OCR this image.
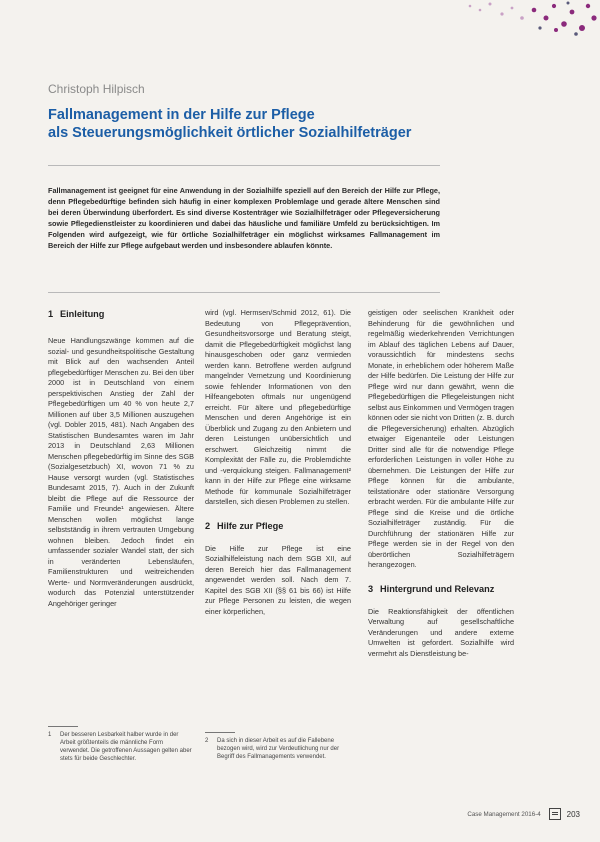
Christoph Hilpisch
Fallmanagement in der Hilfe zur Pflege
als Steuerungsmöglichkeit örtlicher Sozialhilfeträger

Fallmanagement ist geeignet für eine Anwendung in der Sozialhilfe speziell auf den Bereich der Hilfe zur Pflege, denn Pflegebedürftige befinden sich häufig in einer komplexen Problemlage und gerade ältere Menschen sind bei deren Überwindung überfordert. Es sind diverse Kostenträger wie Sozialhilfeträger oder Pflegeversicherung sowie Pflegedienstleister zu koordinieren und dabei das häusliche und familiäre Umfeld zu berücksichtigen. Im Folgenden wird aufgezeigt, wie für örtliche Sozialhilfeträger ein möglichst wirksames Fallmanagement im Bereich der Hilfe zur Pflege aufgebaut werden und insbesondere ablaufen könnte.

1 Einleitung

Neue Handlungszwänge kommen auf die sozial- und gesundheitspolitische Gestaltung mit Blick auf den wachsenden Anteil pflegebedürftiger Menschen zu. Bei den über 2000 ist in Deutschland von einem perspektivischen Anstieg der Zahl der Pflegebedürftigen um 40 % von heute 2,7 Millionen auf über 3,5 Millionen auszugehen (vgl. Dobler 2015, 481). Nach Angaben des Statistischen Bundesamtes waren im Jahr 2013 in Deutschland 2,63 Millionen Menschen pflegebedürftig im Sinne des SGB (Sozialgesetzbuch) XI, wovon 71 % zu Hause versorgt wurden (vgl. Statistisches Bundesamt 2015, 7). Auch in der Zukunft bleibt die Pflege auf die Ressource der Familie und Freunde¹ angewiesen. Ältere Menschen wollen möglichst lange selbstständig in ihrem vertrauten Umgebung wohnen bleiben. Jedoch findet ein umfassender sozialer Wandel statt, der sich in veränderten Lebensläufen, Familienstrukturen und weitreichenden Werte- und Normveränderungen ausdrückt, wodurch das Potenzial unterstützender Angehöriger geringer

wird (vgl. Hermsen/Schmid 2012, 61). Die Bedeutung von Pflegeprävention, Gesundheitsvorsorge und Beratung steigt, damit die Pflegebedürftigkeit möglichst lang hinausgeschoben oder ganz vermieden werden kann. Betroffene werden aufgrund mangelnder Vernetzung und Koordinierung sowie fehlender Informationen von den Hilfeangeboten oftmals nur ungenügend erreicht. Für ältere und pflegebedürftige Menschen und deren Angehörige ist ein Überblick und Zugang zu den Anbietern und deren Leistungen unübersichtlich und erschwert. Gleichzeitig nimmt die Komplexität der Fälle zu, die Problemdichte und -verquickung steigen. Fallmanagement² kann in der Hilfe zur Pflege eine wirksame Methode für kommunale Sozialhilfeträger darstellen, sich diesen Problemen zu stellen.

2 Hilfe zur Pflege

Die Hilfe zur Pflege ist eine Sozialhilfeleistung nach dem SGB XII, auf deren Bereich hier das Fallmanagement angewendet werden soll. Nach dem 7. Kapitel des SGB XII (§§ 61 bis 66) ist Hilfe zur Pflege Personen zu leisten, die wegen einer körperlichen,

geistigen oder seelischen Krankheit oder Behinderung für die gewöhnlichen und regelmäßig wiederkehrenden Verrichtungen im Ablauf des täglichen Lebens auf Dauer, voraussichtlich für mindestens sechs Monate, in erheblichem oder höherem Maße der Hilfe bedürfen. Die Leistung der Hilfe zur Pflege wird nur dann gewährt, wenn die Pflegebedürftigen die Pflegeleistungen nicht selbst aus Einkommen und Vermögen tragen können oder sie nicht von Dritten (z. B. durch die Pflegeversicherung) erhalten. Abzüglich etwaiger Eigenanteile oder Leistungen Dritter sind alle für die notwendige Pflege erforderlichen Leistungen in voller Höhe zu übernehmen. Die Leistungen der Hilfe zur Pflege können für die ambulante, teilstationäre oder stationäre Versorgung erbracht werden. Für die ambulante Hilfe zur Pflege sind die Kreise und die örtliche Sozialhilfeträger zuständig. Für die Durchführung der stationären Hilfe zur Pflege werden sie in der Regel von den überörtlichen Sozialhilfeträgern herangezogen.

3 Hintergrund und Relevanz

Die Reaktionsfähigkeit der öffentlichen Verwaltung auf gesellschaftliche Veränderungen und andere externe Umwelten ist gefordert. Sozialhilfe wird vermehrt als Dienstleistung be-

1	Der besseren Lesbarkeit halber wurde in der Arbeit größtenteils die männliche Form verwendet. Die getroffenen Aussagen gelten aber stets für beide Geschlechter.
2	Da sich in dieser Arbeit es auf die Fallebene bezogen wird, wird zur Verdeutlichung nur der Begriff des Fallmanagements verwendet.
Case Management 2016-4	203
